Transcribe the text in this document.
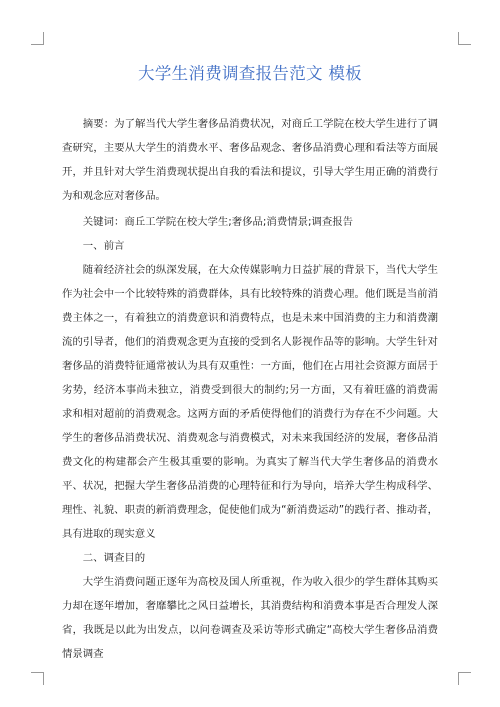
大学生消费调查报告范文 模板

摘要：为了解当代大学生奢侈品消费状况，对商丘工学院在校大学生进行了调查研究，主要从大学生的消费水平、奢侈品观念、奢侈品消费心理和看法等方面展开，并且针对大学生消费现状提出自我的看法和提议，引导大学生用正确的消费行为和观念应对奢侈品。

关键词：商丘工学院在校大学生;奢侈品;消费情景;调查报告

一、前言

随着经济社会的纵深发展，在大众传媒影响力日益扩展的背景下，当代大学生作为社会中一个比较特殊的消费群体，具有比较特殊的消费心理。他们既是当前消费主体之一，有着独立的消费意识和消费特点，也是未来中国消费的主力和消费潮流的引导者，他们的消费观念更为直接的受到名人影视作品等的影响。大学生针对奢侈品的消费特征通常被认为具有双重性：一方面，他们在占用社会资源方面居于劣势，经济本事尚未独立，消费受到很大的制约;另一方面，又有着旺盛的消费需求和相对超前的消费观念。这两方面的矛盾使得他们的消费行为存在不少问题。大学生的奢侈品消费状况、消费观念与消费模式，对未来我国经济的发展，奢侈品消费文化的构建都会产生极其重要的影响。为真实了解当代大学生奢侈品的消费水平、状况，把握大学生奢侈品消费的心理特征和行为导向，培养大学生构成科学、理性、礼貌、职责的新消费理念，促使他们成为“新消费运动”的践行者、推动者，具有进取的现实意义

二、调查目的

大学生消费问题正逐年为高校及国人所重视，作为收入很少的学生群体其购买力却在逐年增加，奢靡攀比之风日益增长，其消费结构和消费本事是否合理发人深省，我既是以此为出发点，以问卷调查及采访等形式确定“高校大学生奢侈品消费情景调查
